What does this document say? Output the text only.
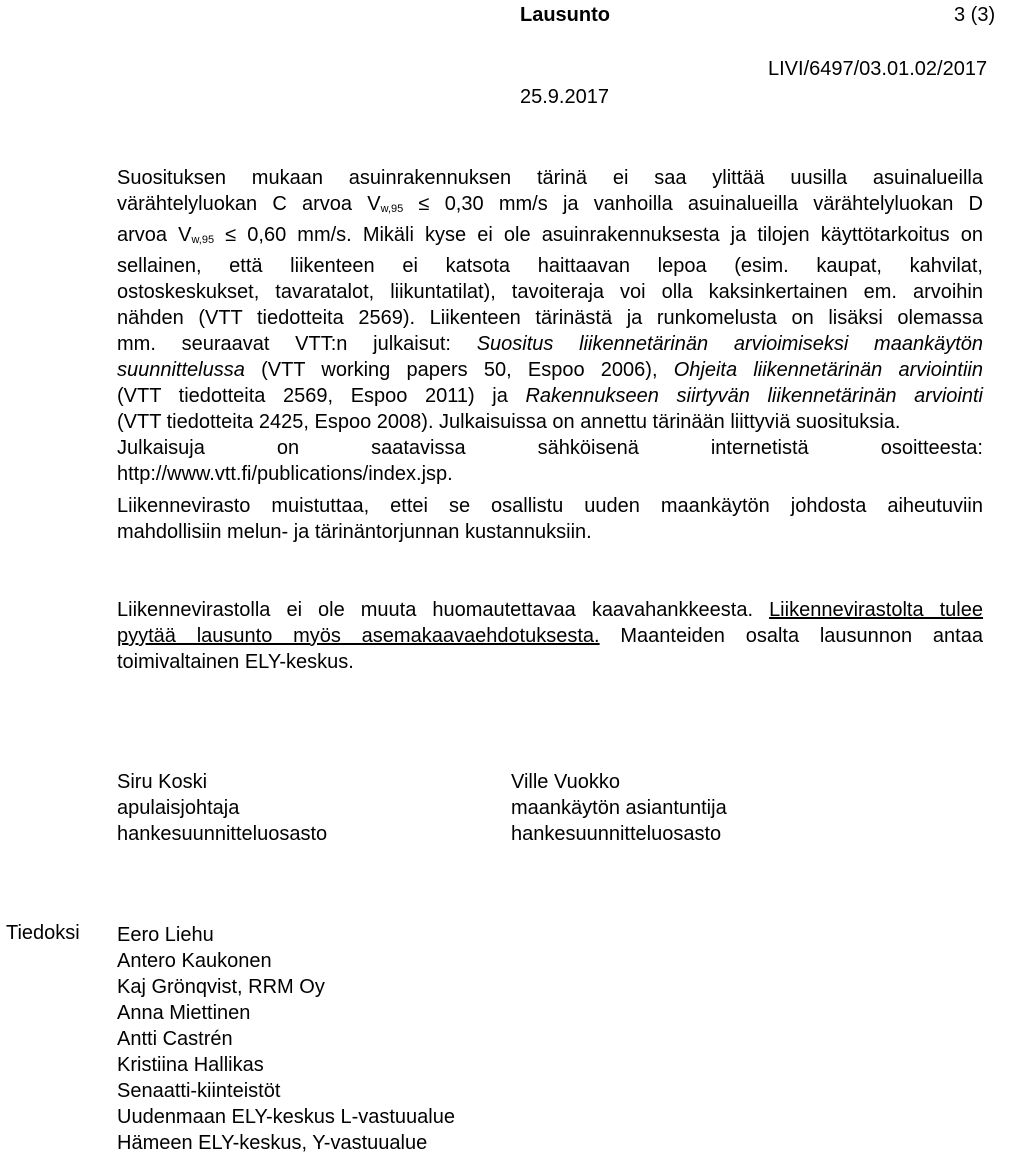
Lausunto	3 (3)
LIVI/6497/03.01.02/2017
25.9.2017
Suosituksen mukaan asuinrakennuksen tärinä ei saa ylittää uusilla asuinalueilla
värähtelyluokan C arvoa Vw,95 ≤ 0,30 mm/s ja vanhoilla asuinalueilla värähtelyluokan D
arvoa Vw,95 ≤ 0,60 mm/s. Mikäli kyse ei ole asuinrakennuksesta ja tilojen käyttötarkoitus on
sellainen, että liikenteen ei katsota haittaavan lepoa (esim. kaupat, kahvilat,
ostoskeskukset, tavaratalot, liikuntatilat), tavoiteraja voi olla kaksinkertainen em. arvoihin
nähden (VTT tiedotteita 2569). Liikenteen tärinästä ja runkomelusta on lisäksi olemassa
mm. seuraavat VTT:n julkaisut: Suositus liikennetärinän arvioimiseksi maankäytön
suunnittelussa (VTT working papers 50, Espoo 2006), Ohjeita liikennetärinän arviointiin
(VTT tiedotteita 2569, Espoo 2011) ja Rakennukseen siirtyvän liikennetärinän arviointi
(VTT tiedotteita 2425, Espoo 2008). Julkaisuissa on annettu tärinään liittyviä suosituksia.
Julkaisuja on saatavissa sähköisenä internetistä osoitteesta:
http://www.vtt.fi/publications/index.jsp.
Liikennevirasto muistuttaa, ettei se osallistu uuden maankäytön johdosta aiheutuviin
mahdollisiin melun- ja tärinäntorjunnan kustannuksiin.
Liikennevirastolla ei ole muuta huomautettavaa kaavahankkeesta. Liikennevirastolta tulee
pyytää lausunto myös asemakaavaehdotuksesta. Maanteiden osalta lausunnon antaa
toimivaltainen ELY-keskus.
Siru Koski
apulaisjohtaja
hankesuunnitteluosasto
Ville Vuokko
maankäytön asiantuntija
hankesuunnitteluosasto
Tiedoksi Eero Liehu
Antero Kaukonen
Kaj Grönqvist, RRM Oy
Anna Miettinen
Antti Castrén
Kristiina Hallikas
Senaatti-kiinteistöt
Uudenmaan ELY-keskus L-vastuualue
Hämeen ELY-keskus, Y-vastuualue
